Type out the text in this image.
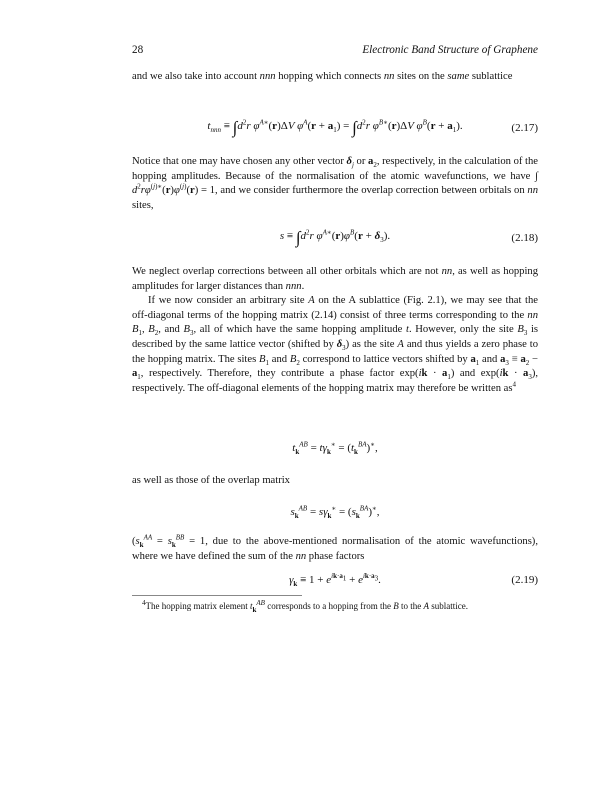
28	Electronic Band Structure of Graphene

and we also take into account nnn hopping which connects nn sites on the same sublattice

$t_{nnn} \equiv \int d^2r$ $\varphi^{A∗}(r)\Delta V$ $\varphi^A(r + a_1) = \int d^2r$ $\varphi^{B∗}(r)\Delta V$ $\varphi^B(r + a_1)$.	(2.17)

Notice that one may have chosen any other vector $\delta_j$ or $a_2$, respectively, in the calculation of the hopping amplitudes. Because of the normalisation of the atomic wavefunctions, we have ∫ $d^2r\varphi^{(j)∗}(r)\varphi^{(j)}(r) = 1$, and we consider furthermore the overlap correction between orbitals on nn sites,

$s \equiv \int d^2r$ $\varphi^{A∗}(r)\varphi^B(r + \delta_3)$.	(2.18)

We neglect overlap corrections between all other orbitals which are not nn, as well as hopping amplitudes for larger distances than nnn.

If we now consider an arbitrary site A on the A sublattice (Fig. 2.1), we may see that the off-diagonal terms of the hopping matrix (2.14) consist of three terms corresponding to the nn $B_1$, $B_2$, and $B_3$, all of which have the same hopping amplitude t. However, only the site $B_3$ is described by the same lattice vector (shifted by $\delta_3$) as the site A and thus yields a zero phase to the hopping matrix. The sites $B_1$ and $B_2$ correspond to lattice vectors shifted by $a_1$ and $a_3 \equiv a_2 - a_1$, respectively. Therefore, they contribute a phase factor $\exp(ik \cdot a_1)$ and $\exp(ik \cdot a_3)$, respectively. The off-diagonal elements of the hopping matrix may therefore be written $as^4$

$t_k^{AB} = t\gamma_k^∗ = (t_k^{BA})^∗$,

as well as those of the overlap matrix

$s_k^{AB} = s\gamma_k^∗ = (s_k^{BA})^∗$,

($s_k^{AA} = s_k^{BB} = 1$, due to the above-mentioned normalisation of the atomic wavefunctions), where we have defined the sum of the nn phase factors

$\gamma_k \equiv 1 + e^{ik\cdot a_1} + e^{ik\cdot a_3}$.	(2.19)
$^4$The hopping matrix element $t_k^{AB}$ corresponds to a hopping from the B to the A sublattice.
